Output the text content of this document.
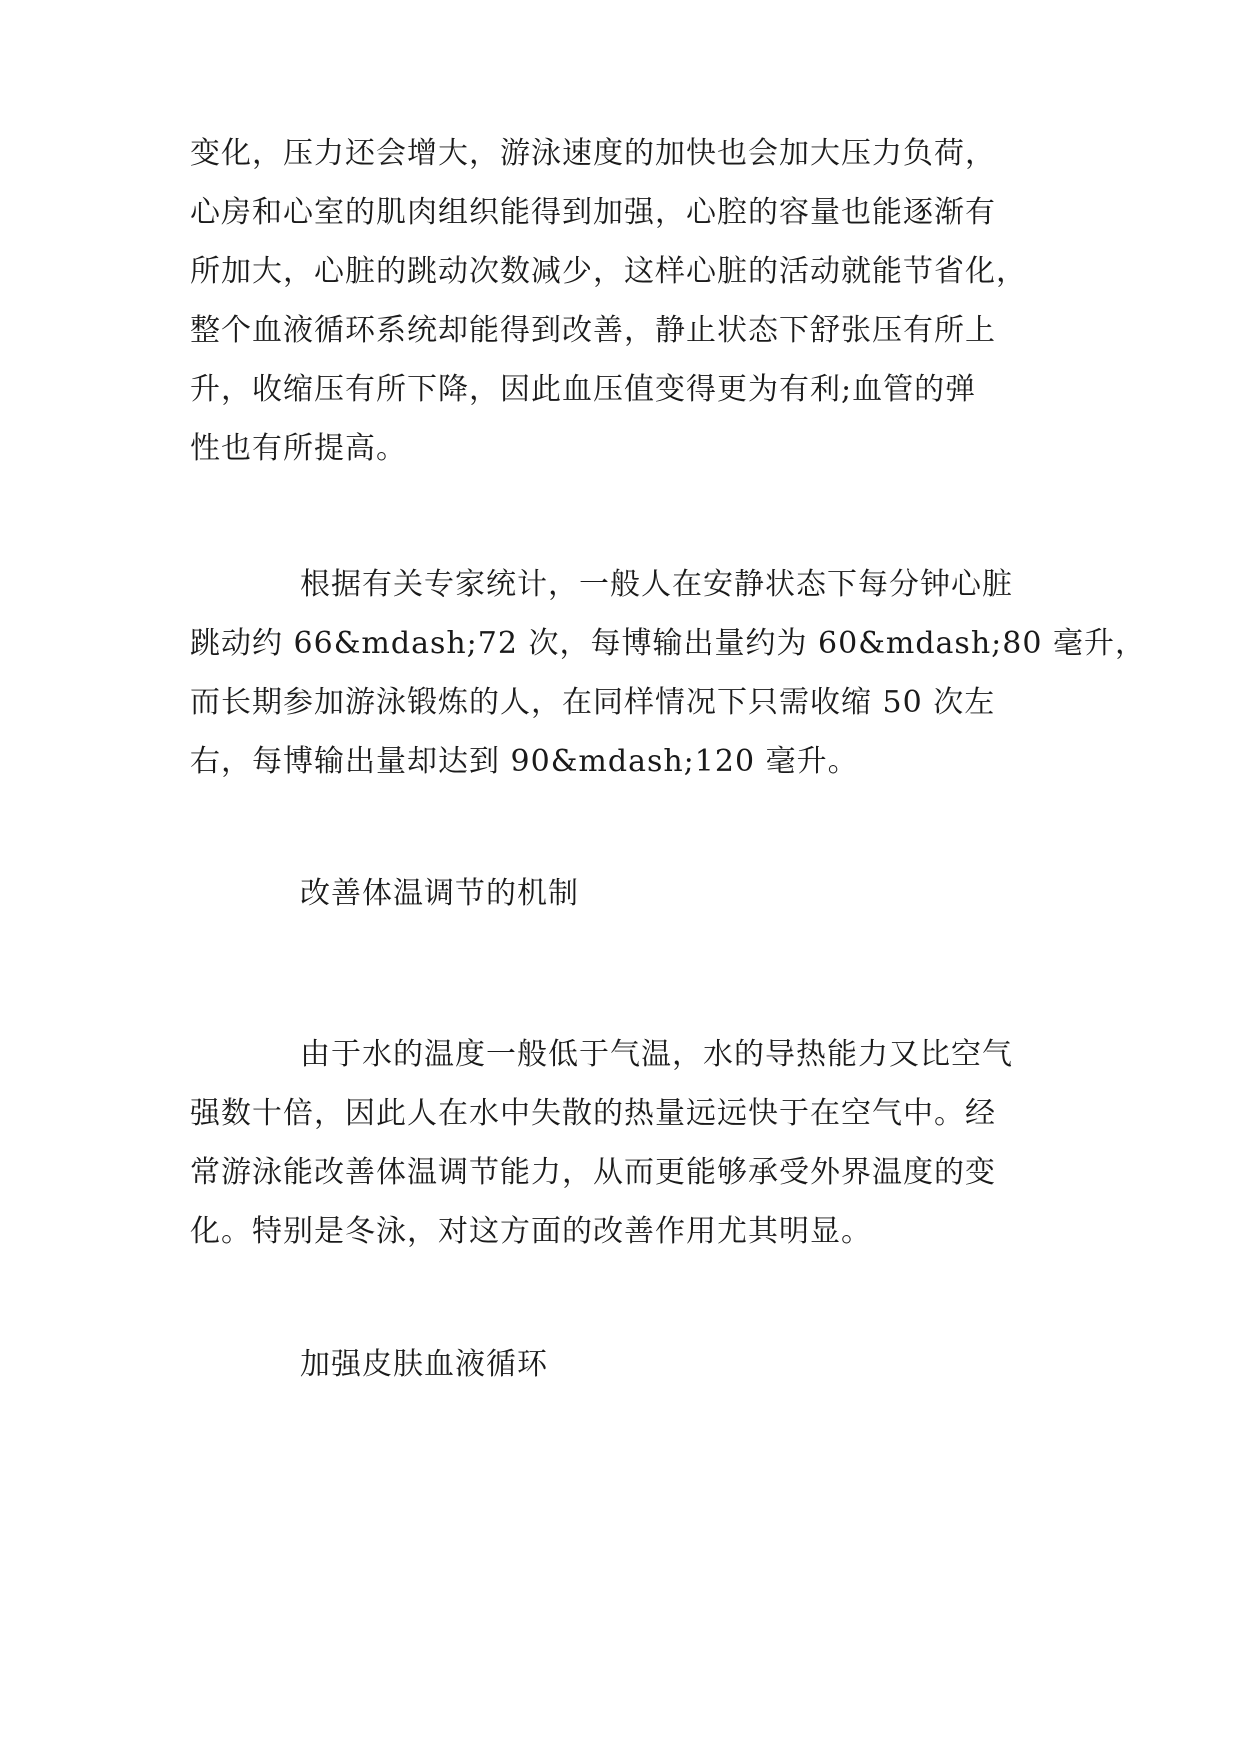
变化，压力还会增大，游泳速度的加快也会加大压力负荷，
心房和心室的肌肉组织能得到加强，心腔的容量也能逐渐有
所加大，心脏的跳动次数减少，这样心脏的活动就能节省化，
整个血液循环系统却能得到改善，静止状态下舒张压有所上
升，收缩压有所下降，因此血压值变得更为有利;血管的弹
性也有所提高。
根据有关专家统计，一般人在安静状态下每分钟心脏
跳动约 66&mdash;72 次，每博输出量约为 60&mdash;80 毫升，
而长期参加游泳锻炼的人，在同样情况下只需收缩 50 次左
右，每博输出量却达到 90&mdash;120 毫升。
改善体温调节的机制
由于水的温度一般低于气温，水的导热能力又比空气
强数十倍，因此人在水中失散的热量远远快于在空气中。经
常游泳能改善体温调节能力，从而更能够承受外界温度的变
化。特别是冬泳，对这方面的改善作用尤其明显。
加强皮肤血液循环
